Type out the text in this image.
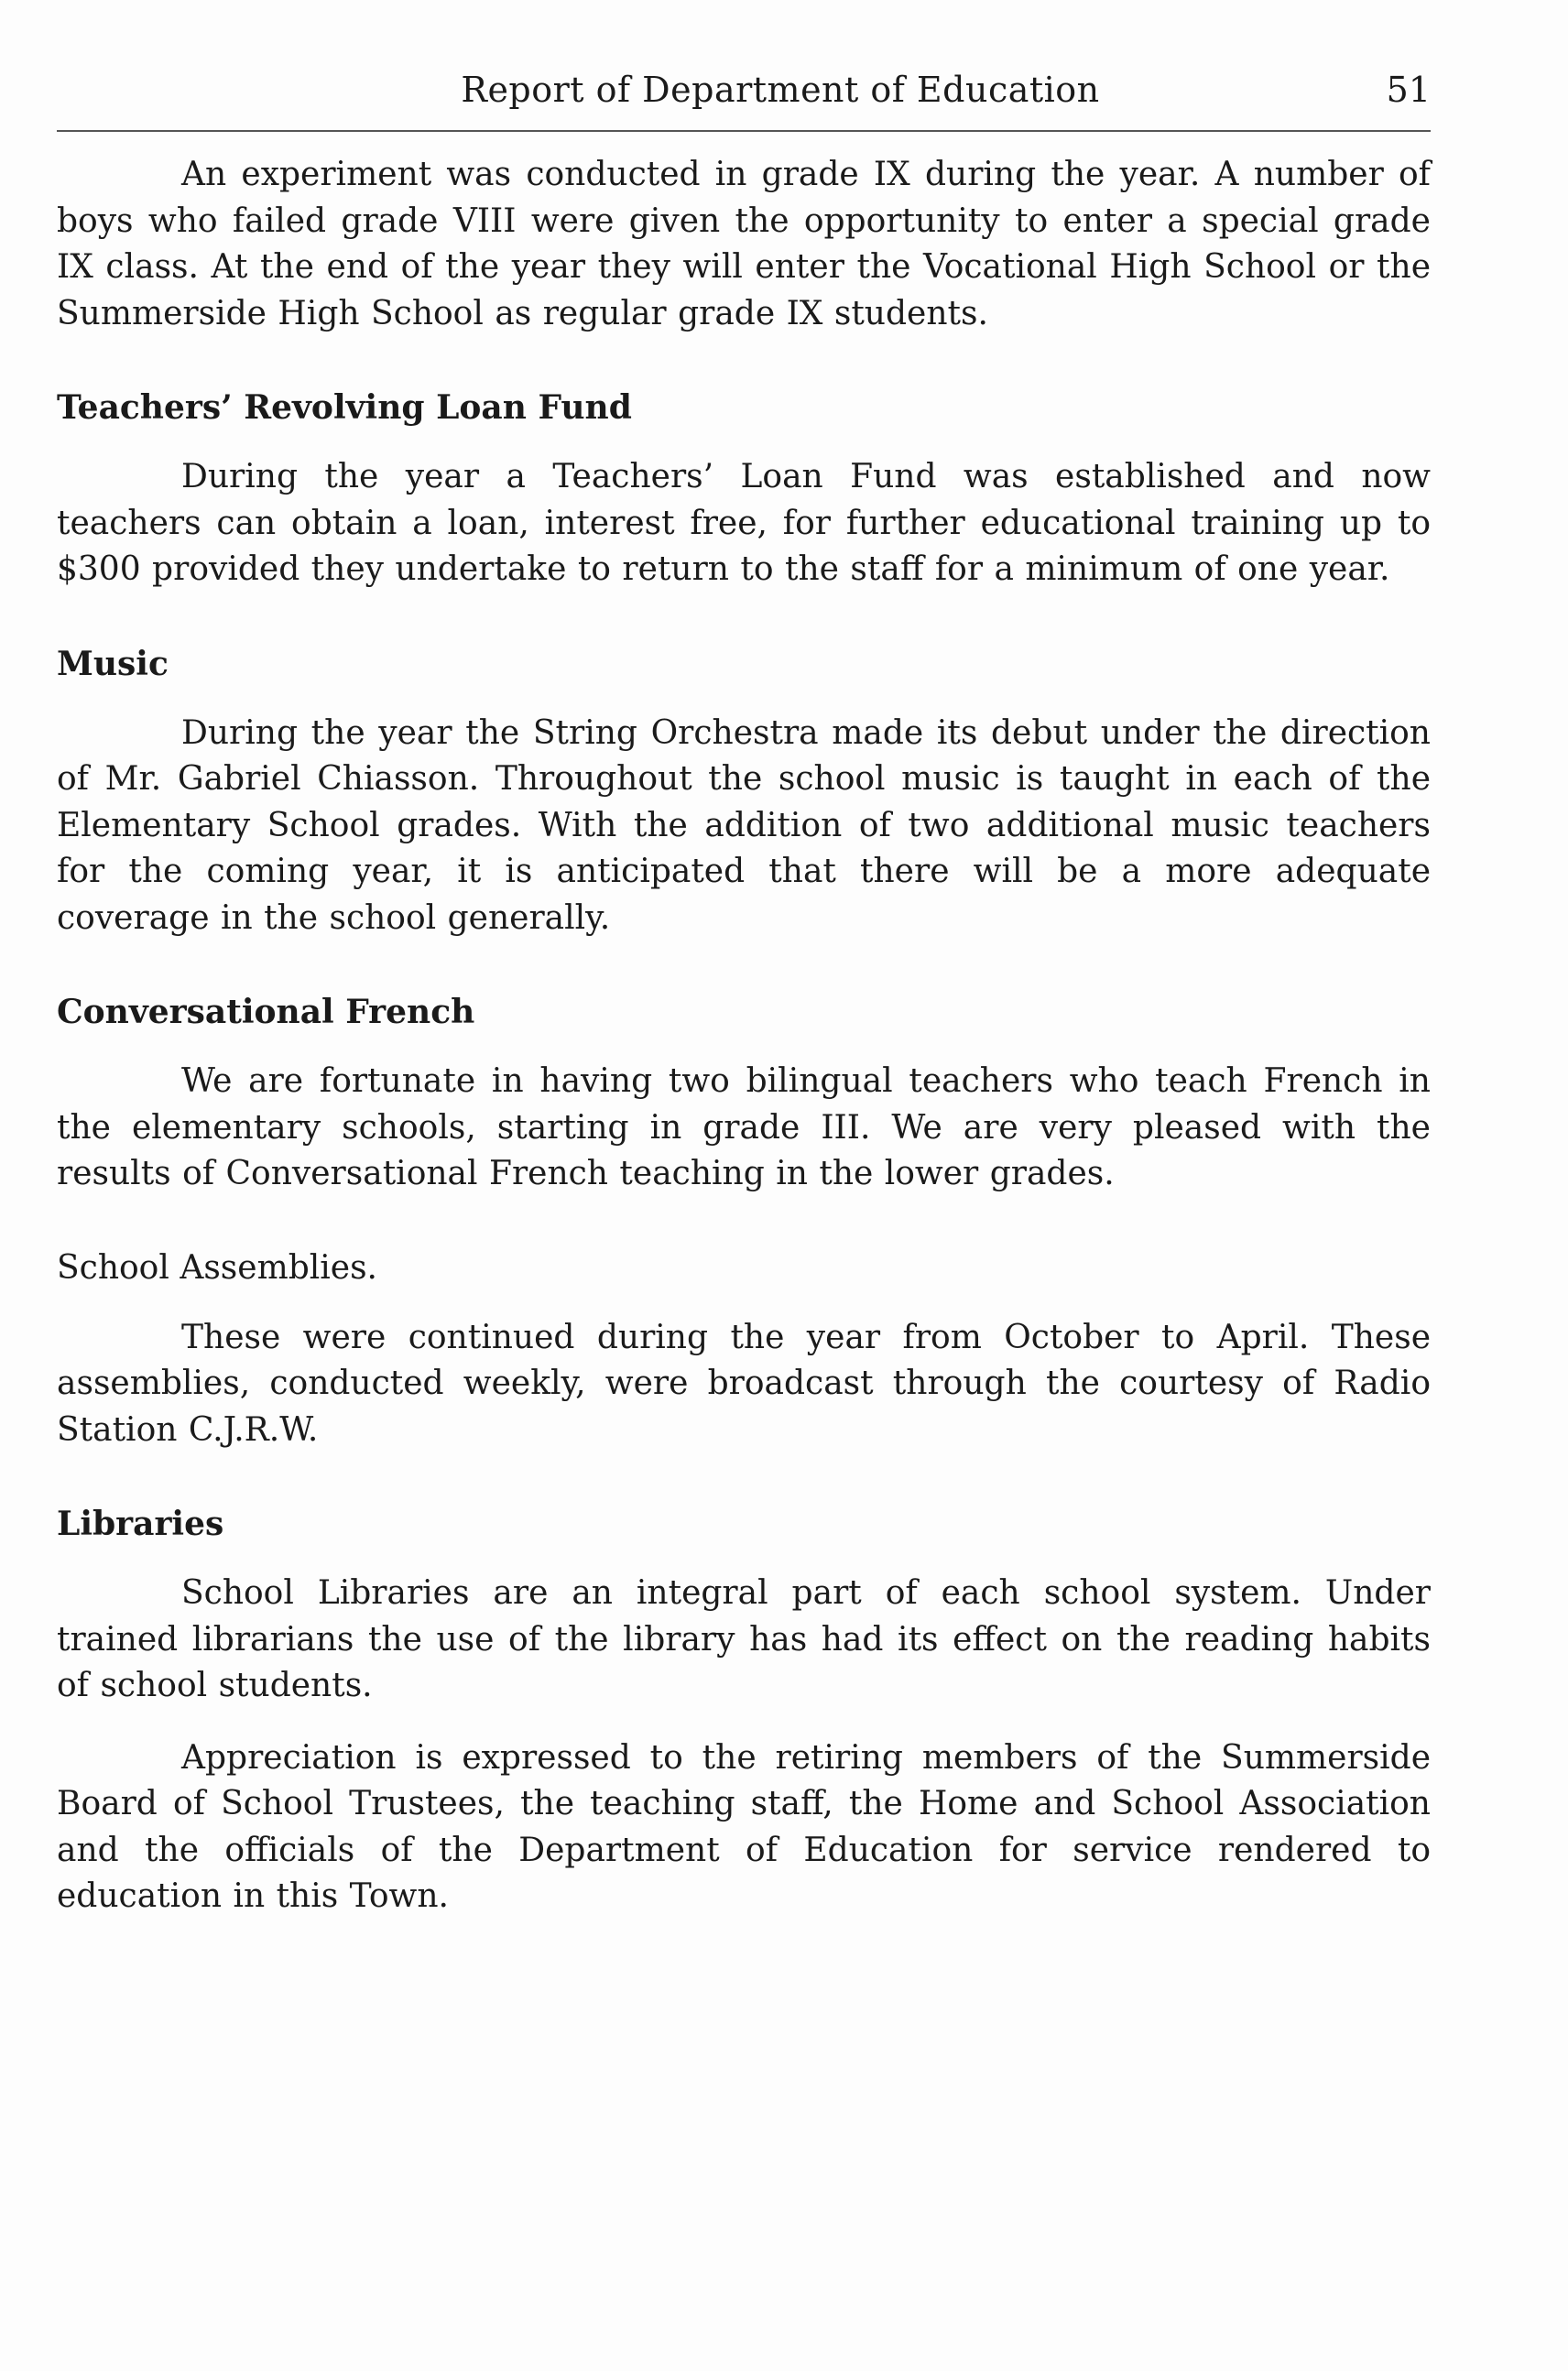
Report of Department of Education	51

An experiment was conducted in grade IX during the year. A number of boys who failed grade VIII were given the opportunity to enter a special grade IX class. At the end of the year they will enter the Vocational High School or the Summerside High School as regular grade IX students.

Teachers’ Revolving Loan Fund

During the year a Teachers’ Loan Fund was established and now teachers can obtain a loan, interest free, for further educational training up to $300 provided they undertake to return to the staff for a minimum of one year.

Music

During the year the String Orchestra made its debut under the direction of Mr. Gabriel Chiasson. Throughout the school music is taught in each of the Elementary School grades. With the addition of two additional music teachers for the coming year, it is anticipated that there will be a more adequate coverage in the school generally.

Conversational French

We are fortunate in having two bilingual teachers who teach French in the elementary schools, starting in grade III. We are very pleased with the results of Conversational French teaching in the lower grades.

School Assemblies.

These were continued during the year from October to April. These assemblies, conducted weekly, were broadcast through the courtesy of Radio Station C.J.R.W.

Libraries

School Libraries are an integral part of each school system. Under trained librarians the use of the library has had its effect on the reading habits of school students.

Appreciation is expressed to the retiring members of the Summerside Board of School Trustees, the teaching staff, the Home and School Association and the officials of the Department of Education for service rendered to education in this Town.
